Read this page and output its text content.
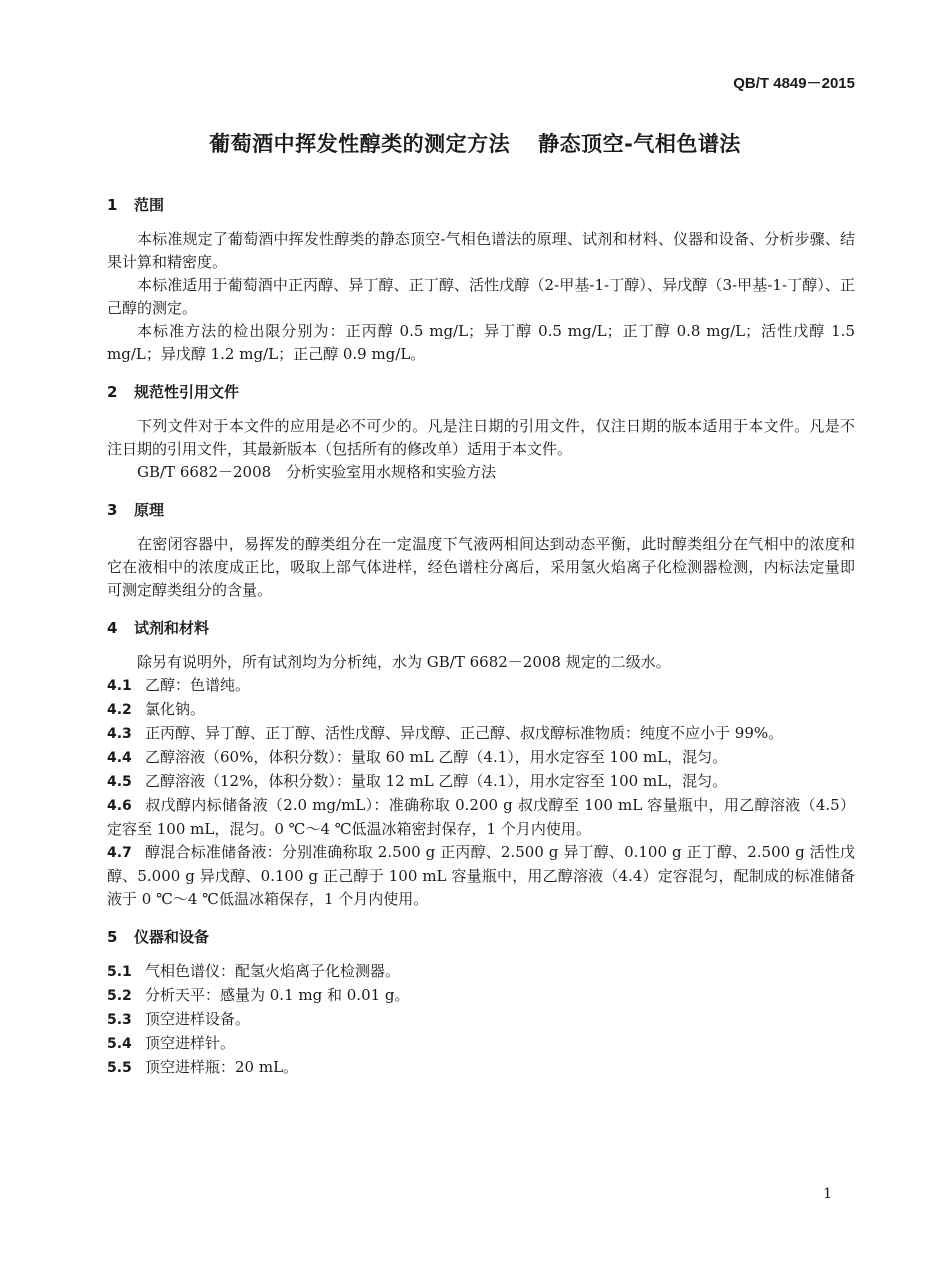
QB/T 4849－2015
葡萄酒中挥发性醇类的测定方法 静态顶空-气相色谱法
1 范围

本标准规定了葡萄酒中挥发性醇类的静态顶空-气相色谱法的原理、试剂和材料、仪器和设备、分析步骤、结果计算和精密度。

本标准适用于葡萄酒中正丙醇、异丁醇、正丁醇、活性戊醇（2-甲基-1-丁醇）、异戊醇（3-甲基-1-丁醇）、正己醇的测定。

本标准方法的检出限分别为：正丙醇 0.5 mg/L；异丁醇 0.5 mg/L；正丁醇 0.8 mg/L；活性戊醇 1.5 mg/L；异戊醇 1.2 mg/L；正己醇 0.9 mg/L。

2 规范性引用文件

下列文件对于本文件的应用是必不可少的。凡是注日期的引用文件，仅注日期的版本适用于本文件。凡是不注日期的引用文件，其最新版本（包括所有的修改单）适用于本文件。

GB/T 6682－2008　分析实验室用水规格和实验方法

3 原理

在密闭容器中，易挥发的醇类组分在一定温度下气液两相间达到动态平衡，此时醇类组分在气相中的浓度和它在液相中的浓度成正比，吸取上部气体进样，经色谱柱分离后，采用氢火焰离子化检测器检测，内标法定量即可测定醇类组分的含量。

4 试剂和材料

除另有说明外，所有试剂均为分析纯，水为 GB/T 6682－2008 规定的二级水。

4.1 乙醇：色谱纯。

4.2 氯化钠。

4.3 正丙醇、异丁醇、正丁醇、活性戊醇、异戊醇、正己醇、叔戊醇标准物质：纯度不应小于 99%。

4.4 乙醇溶液（60%，体积分数）：量取 60 mL 乙醇（4.1），用水定容至 100 mL，混匀。

4.5 乙醇溶液（12%，体积分数）：量取 12 mL 乙醇（4.1），用水定容至 100 mL，混匀。

4.6 叔戊醇内标储备液（2.0 mg/mL）：准确称取 0.200 g 叔戊醇至 100 mL 容量瓶中，用乙醇溶液（4.5）定容至 100 mL，混匀。0 ℃～4 ℃低温冰箱密封保存，1 个月内使用。

4.7 醇混合标准储备液：分别准确称取 2.500 g 正丙醇、2.500 g 异丁醇、0.100 g 正丁醇、2.500 g 活性戊醇、5.000 g 异戊醇、0.100 g 正己醇于 100 mL 容量瓶中，用乙醇溶液（4.4）定容混匀，配制成的标准储备液于 0 ℃～4 ℃低温冰箱保存，1 个月内使用。

5 仪器和设备

5.1 气相色谱仪：配氢火焰离子化检测器。

5.2 分析天平：感量为 0.1 mg 和 0.01 g。

5.3 顶空进样设备。

5.4 顶空进样针。

5.5 顶空进样瓶：20 mL。

1
